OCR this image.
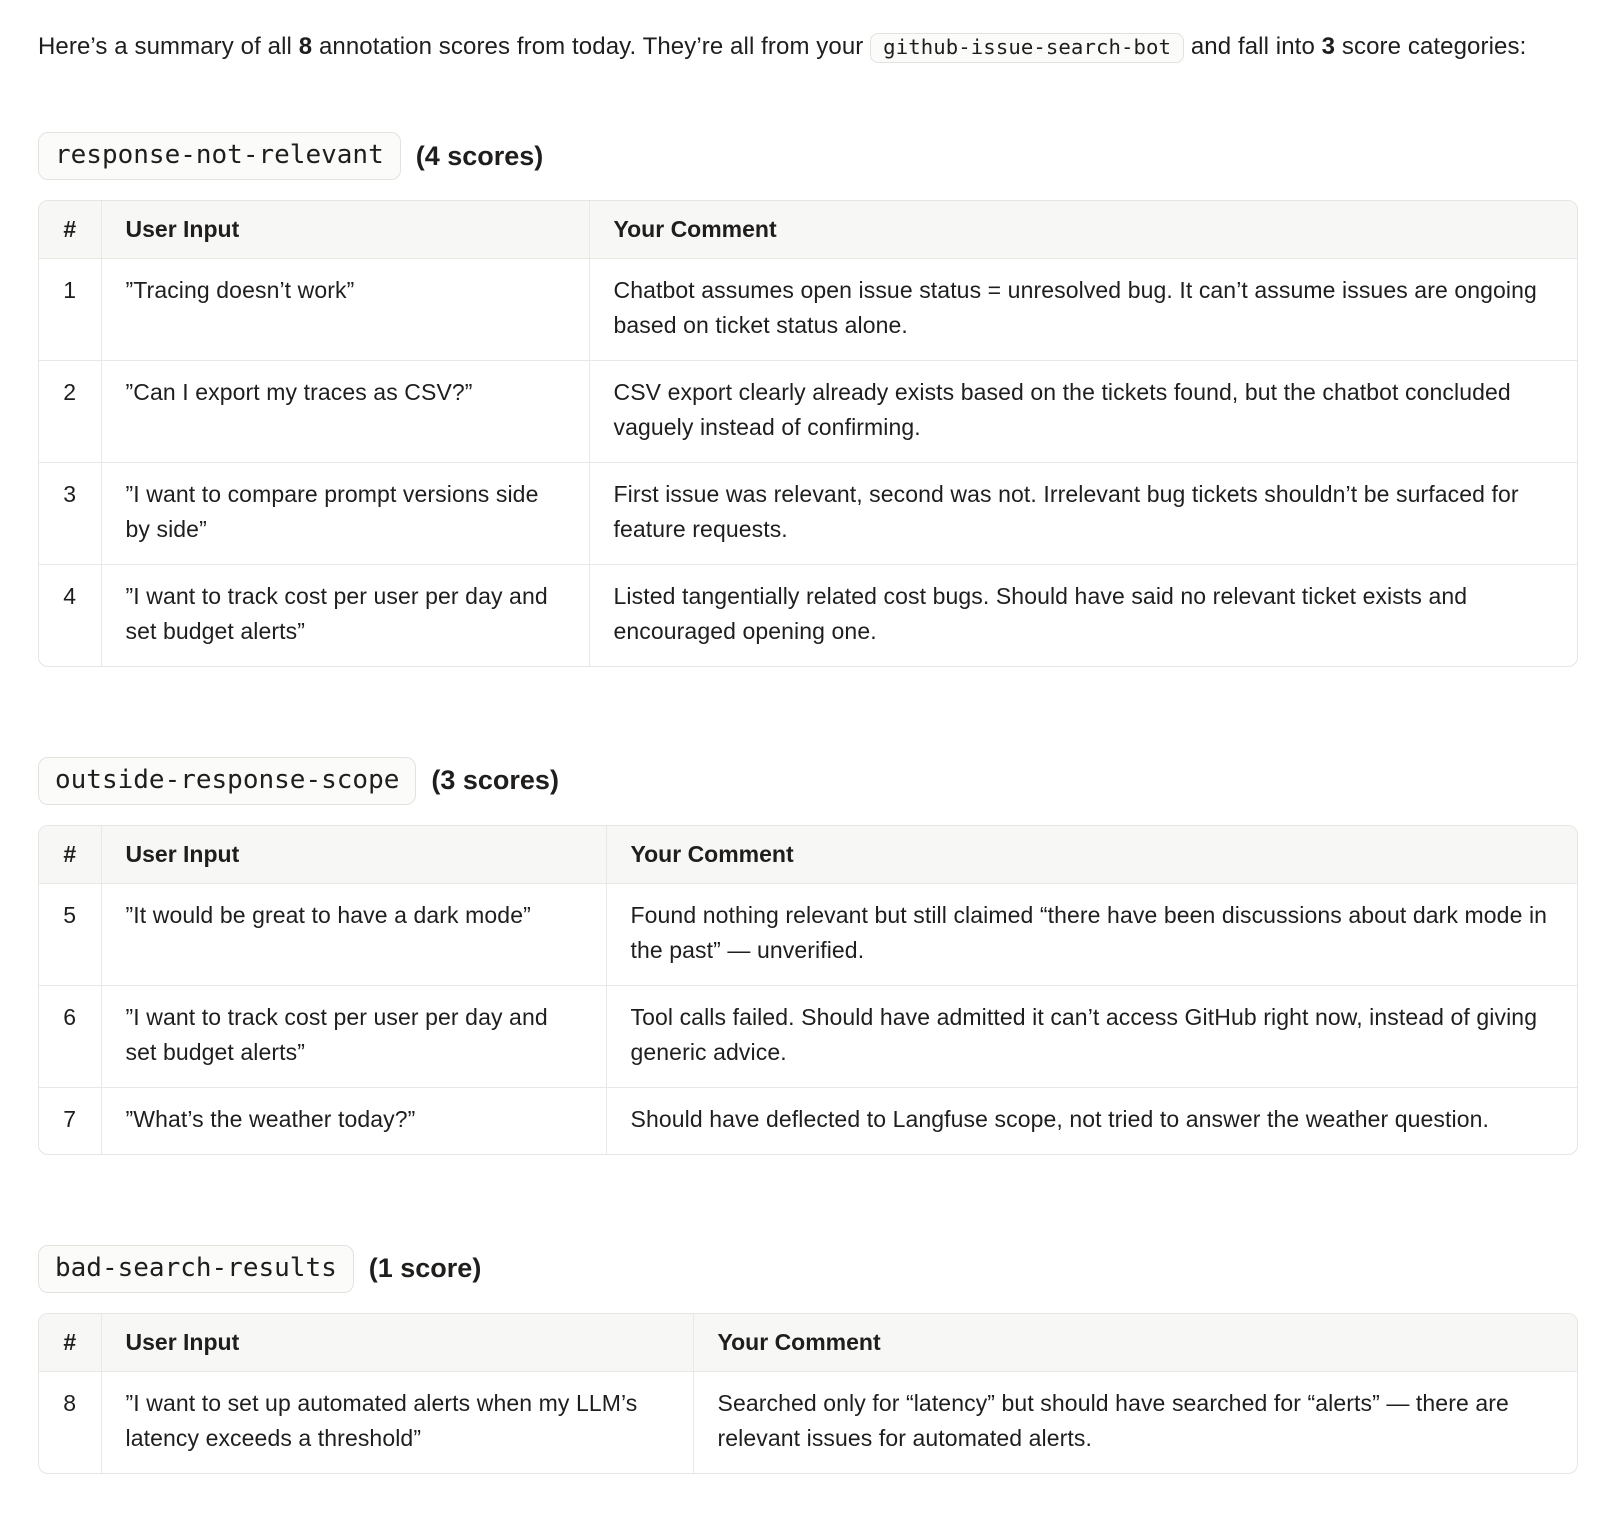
Here’s a summary of all 8 annotation scores from today. They’re all from your github-issue-search-bot and fall into 3 score categories:

response-not-relevant	(4 scores)
#	User Input	Your Comment
1	”Tracing doesn’t work”	Chatbot assumes open issue status = unresolved bug. It can’t assume issues are ongoing based on ticket status alone.
2	”Can I export my traces as CSV?”	CSV export clearly already exists based on the tickets found, but the chatbot concluded vaguely instead of confirming.
3	”I want to compare prompt versions side by side”	First issue was relevant, second was not. Irrelevant bug tickets shouldn’t be surfaced for feature requests.
4	”I want to track cost per user per day and set budget alerts”	Listed tangentially related cost bugs. Should have said no relevant ticket exists and encouraged opening one.
outside-response-scope	(3 scores)
#	User Input	Your Comment
5	”It would be great to have a dark mode”	Found nothing relevant but still claimed “there have been discussions about dark mode in the past” — unverified.
6	”I want to track cost per user per day and set budget alerts”	Tool calls failed. Should have admitted it can’t access GitHub right now, instead of giving generic advice.
7	”What’s the weather today?”	Should have deflected to Langfuse scope, not tried to answer the weather question.
bad-search-results	(1 score)
#	User Input	Your Comment
8	”I want to set up automated alerts when my LLM’s latency exceeds a threshold”	Searched only for “latency” but should have searched for “alerts” — there are relevant issues for automated alerts.
